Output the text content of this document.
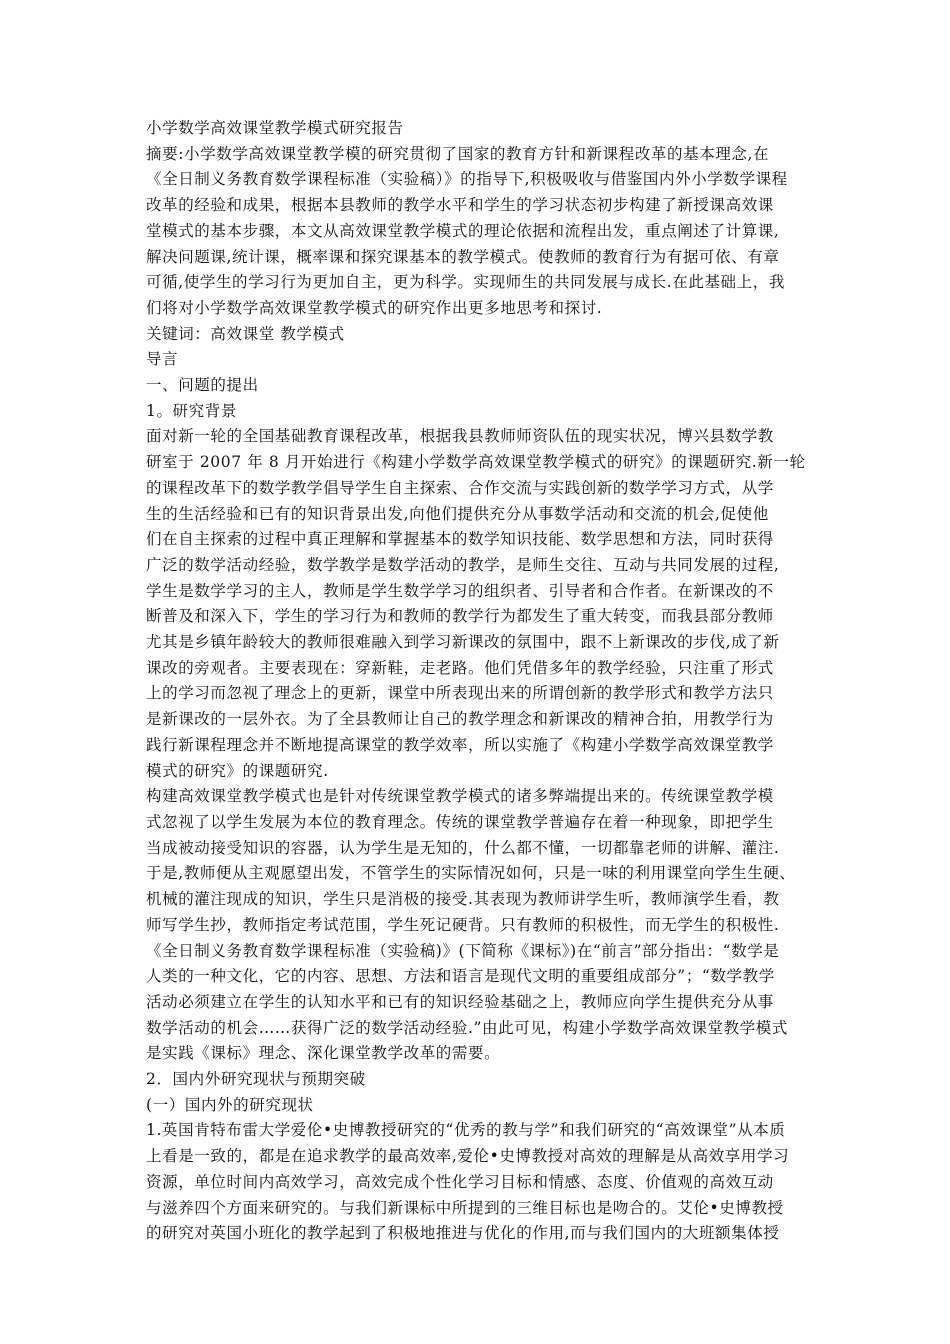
小学数学高效课堂教学模式研究报告
摘要:小学数学高效课堂教学模的研究贯彻了国家的教育方针和新课程改革的基本理念,在
《全日制义务教育数学课程标准（实验稿）》的指导下,积极吸收与借鉴国内外小学数学课程
改革的经验和成果，根据本县教师的教学水平和学生的学习状态初步构建了新授课高效课
堂模式的基本步骤，本文从高效课堂教学模式的理论依据和流程出发，重点阐述了计算课,
解决问题课,统计课，概率课和探究课基本的教学模式。使教师的教育行为有据可依、有章
可循,使学生的学习行为更加自主，更为科学。实现师生的共同发展与成长.在此基础上，我
们将对小学数学高效课堂教学模式的研究作出更多地思考和探讨.
关键词：高效课堂 教学模式
导言
一、问题的提出
1。研究背景
面对新一轮的全国基础教育课程改革，根据我县教师师资队伍的现实状况，博兴县数学教
研室于 2007 年 8 月开始进行《构建小学数学高效课堂教学模式的研究》的课题研究.新一轮
的课程改革下的数学教学倡导学生自主探索、合作交流与实践创新的数学学习方式，从学
生的生活经验和已有的知识背景出发,向他们提供充分从事数学活动和交流的机会,促使他
们在自主探索的过程中真正理解和掌握基本的数学知识技能、数学思想和方法，同时获得
广泛的数学活动经验，数学教学是数学活动的教学，是师生交往、互动与共同发展的过程,
学生是数学学习的主人，教师是学生数学学习的组织者、引导者和合作者。在新课改的不
断普及和深入下，学生的学习行为和教师的教学行为都发生了重大转变，而我县部分教师
尤其是乡镇年龄较大的教师很难融入到学习新课改的氛围中，跟不上新课改的步伐,成了新
课改的旁观者。主要表现在：穿新鞋，走老路。他们凭借多年的教学经验，只注重了形式
上的学习而忽视了理念上的更新，课堂中所表现出来的所谓创新的教学形式和教学方法只
是新课改的一层外衣。为了全县教师让自己的教学理念和新课改的精神合拍，用教学行为
践行新课程理念并不断地提高课堂的教学效率，所以实施了《构建小学数学高效课堂教学
模式的研究》的课题研究.
构建高效课堂教学模式也是针对传统课堂教学模式的诸多弊端提出来的。传统课堂教学模
式忽视了以学生发展为本位的教育理念。传统的课堂教学普遍存在着一种现象，即把学生
当成被动接受知识的容器，认为学生是无知的，什么都不懂，一切都靠老师的讲解、灌注.
于是,教师便从主观愿望出发，不管学生的实际情况如何，只是一味的利用课堂向学生生硬、
机械的灌注现成的知识，学生只是消极的接受.其表现为教师讲学生听，教师演学生看，教
师写学生抄，教师指定考试范围，学生死记硬背。只有教师的积极性，而无学生的积极性.
《全日制义务教育数学课程标准（实验稿)》(下简称《课标》)在“前言”部分指出：“数学是
人类的一种文化，它的内容、思想、方法和语言是现代文明的重要组成部分”；“数学教学
活动必须建立在学生的认知水平和已有的知识经验基础之上，教师应向学生提供充分从事
数学活动的机会……获得广泛的数学活动经验.”由此可见，构建小学数学高效课堂教学模式
是实践《课标》理念、深化课堂教学改革的需要。
2．国内外研究现状与预期突破
(一）国内外的研究现状
1.英国肯特布雷大学爱伦•史博教授研究的“优秀的教与学”和我们研究的“高效课堂”从本质
上看是一致的，都是在追求教学的最高效率,爱伦•史博教授对高效的理解是从高效享用学习
资源，单位时间内高效学习，高效完成个性化学习目标和情感、态度、价值观的高效互动
与滋养四个方面来研究的。与我们新课标中所提到的三维目标也是吻合的。艾伦•史博教授
的研究对英国小班化的教学起到了积极地推进与优化的作用,而与我们国内的大班额集体授
